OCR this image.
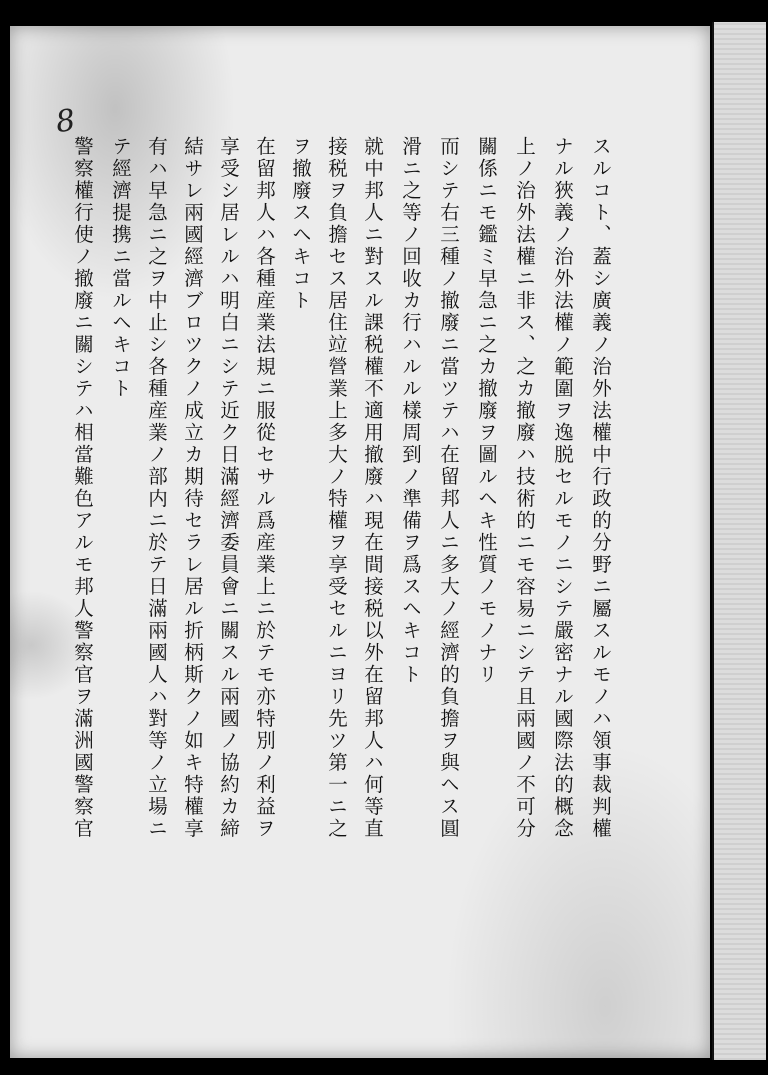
8
スルコト、蓋シ廣義ノ治外法權中行政的分野ニ屬スルモノハ領事裁判權
ナル狹義ノ治外法權ノ範圍ヲ逸脱セルモノニシテ嚴密ナル國際法的概念
上ノ治外法權ニ非ス、之カ撤廢ハ技術的ニモ容易ニシテ且兩國ノ不可分
關係ニモ鑑ミ早急ニ之カ撤廢ヲ圖ルヘキ性質ノモノナリ
而シテ右三種ノ撤廢ニ當ツテハ在留邦人ニ多大ノ經濟的負擔ヲ與ヘス圓
滑ニ之等ノ回收カ行ハルル樣周到ノ準備ヲ爲スヘキコト
就中邦人ニ對スル課税權不適用撤廢ハ現在間接税以外在留邦人ハ何等直
接税ヲ負擔セス居住竝營業上多大ノ特權ヲ享受セルニヨリ先ツ第一ニ之
ヲ撤廢スヘキコト
在留邦人ハ各種産業法規ニ服從セサル爲産業上ニ於テモ亦特別ノ利益ヲ
享受シ居レルハ明白ニシテ近ク日滿經濟委員會ニ關スル兩國ノ協約カ締
結サレ兩國經濟ブロツクノ成立カ期待セラレ居ル折柄斯クノ如キ特權享
有ハ早急ニ之ヲ中止シ各種産業ノ部内ニ於テ日滿兩國人ハ對等ノ立場ニ
テ經濟提携ニ當ルヘキコト
警察權行使ノ撤廢ニ關シテハ相當難色アルモ邦人警察官ヲ滿洲國警察官
